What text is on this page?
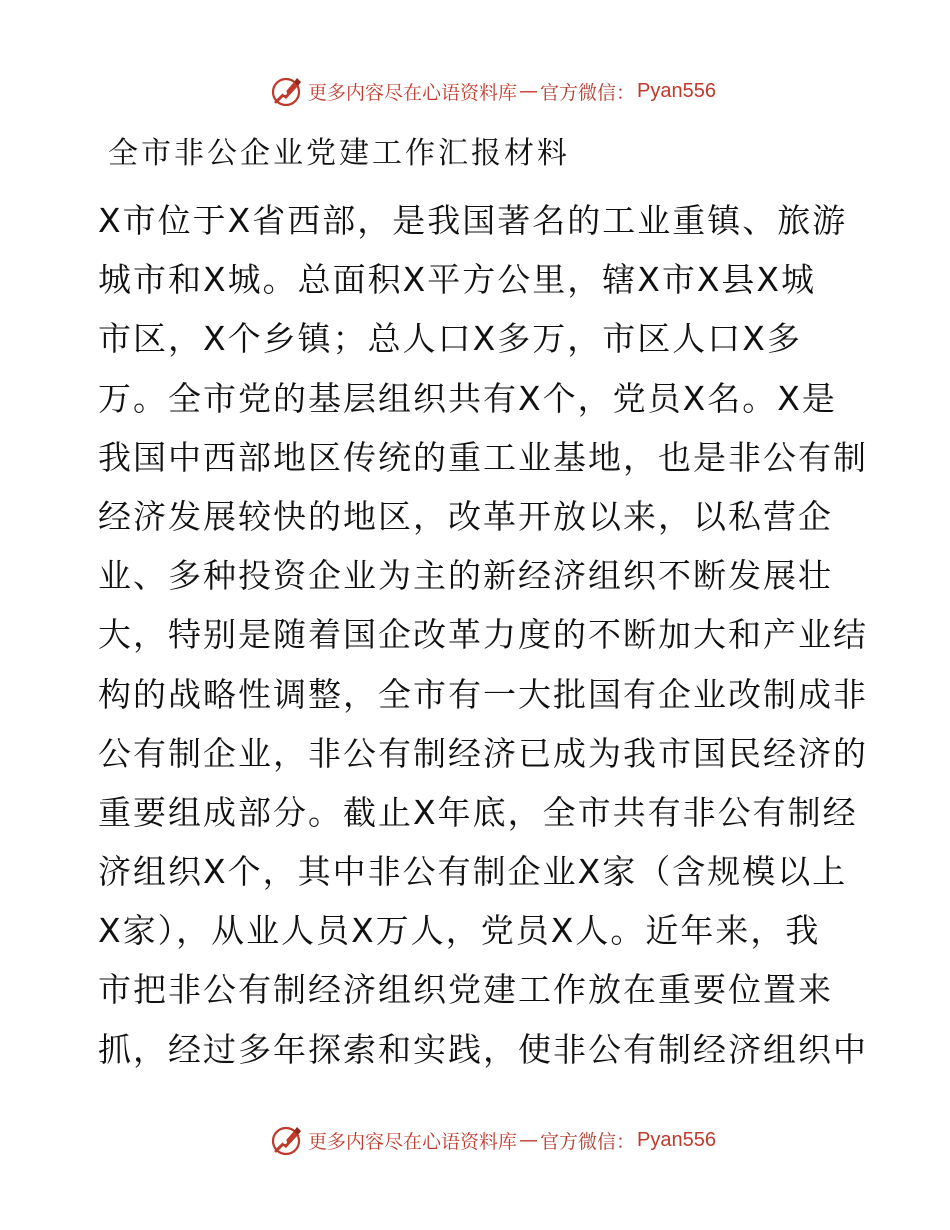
更多内容尽在心语资料库 — 官方微信： Pyan556
全市非公企业党建工作汇报材料
X市位于X省西部，是我国著名的工业重镇、旅游
城市和X城。总面积X平方公里，辖X市X县X城
市区，X个乡镇；总人口X多万，市区人口X多
万。全市党的基层组织共有X个，党员X名。X是
我国中西部地区传统的重工业基地，也是非公有制
经济发展较快的地区，改革开放以来，以私营企
业、多种投资企业为主的新经济组织不断发展壮
大，特别是随着国企改革力度的不断加大和产业结
构的战略性调整，全市有一大批国有企业改制成非
公有制企业，非公有制经济已成为我市国民经济的
重要组成部分。截止X年底，全市共有非公有制经
济组织X个，其中非公有制企业X家（含规模以上
X家），从业人员X万人，党员X人。近年来，我
市把非公有制经济组织党建工作放在重要位置来
抓，经过多年探索和实践，使非公有制经济组织中
更多内容尽在心语资料库 — 官方微信： Pyan556
